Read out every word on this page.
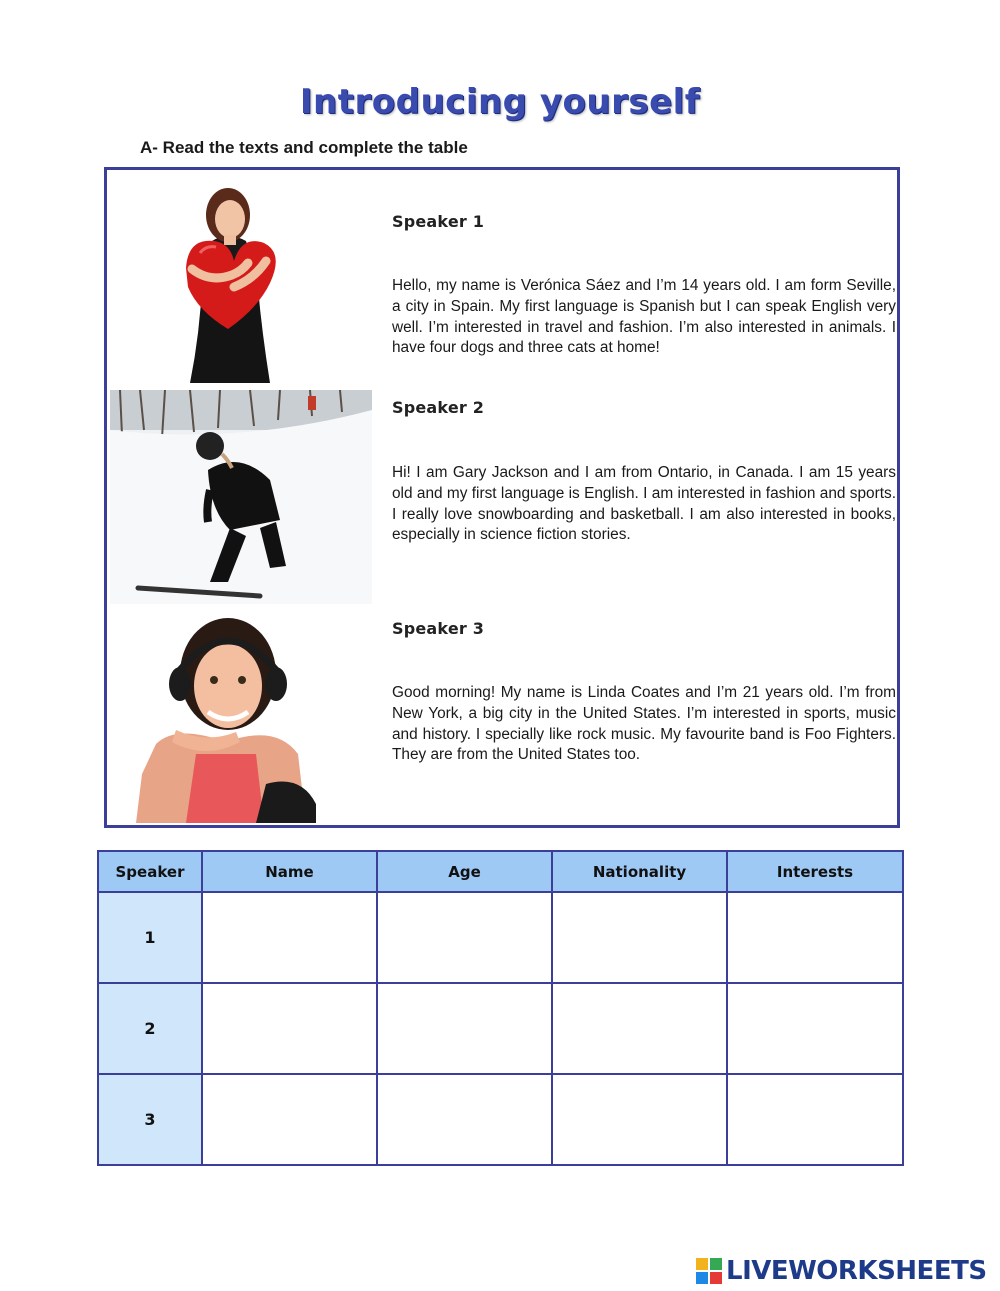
Introducing yourself
A- Read the texts and complete the table
Speaker 1

Hello, my name is Verónica Sáez and I’m 14 years old. I am form Seville, a city in Spain. My first language is Spanish but I can speak English very well. I’m interested in travel and fashion. I’m also interested in animals. I have four dogs and three cats at home!

Speaker 2

Hi! I am Gary Jackson and I am from Ontario, in Canada. I am 15 years old and my first language is English. I am interested in fashion and sports. I really love snowboarding and basketball. I am also interested in books, especially in science fiction stories.

Speaker 3

Good morning! My name is Linda Coates and I’m 21 years old. I’m from New York, a big city in the United States. I’m interested in sports, music and history. I specially like rock music. My favourite band is Foo Fighters. They are from the United States too.

Speaker	Name	Age	Nationality	Interests
1				
2				
3				
LIVEWORKSHEETS
